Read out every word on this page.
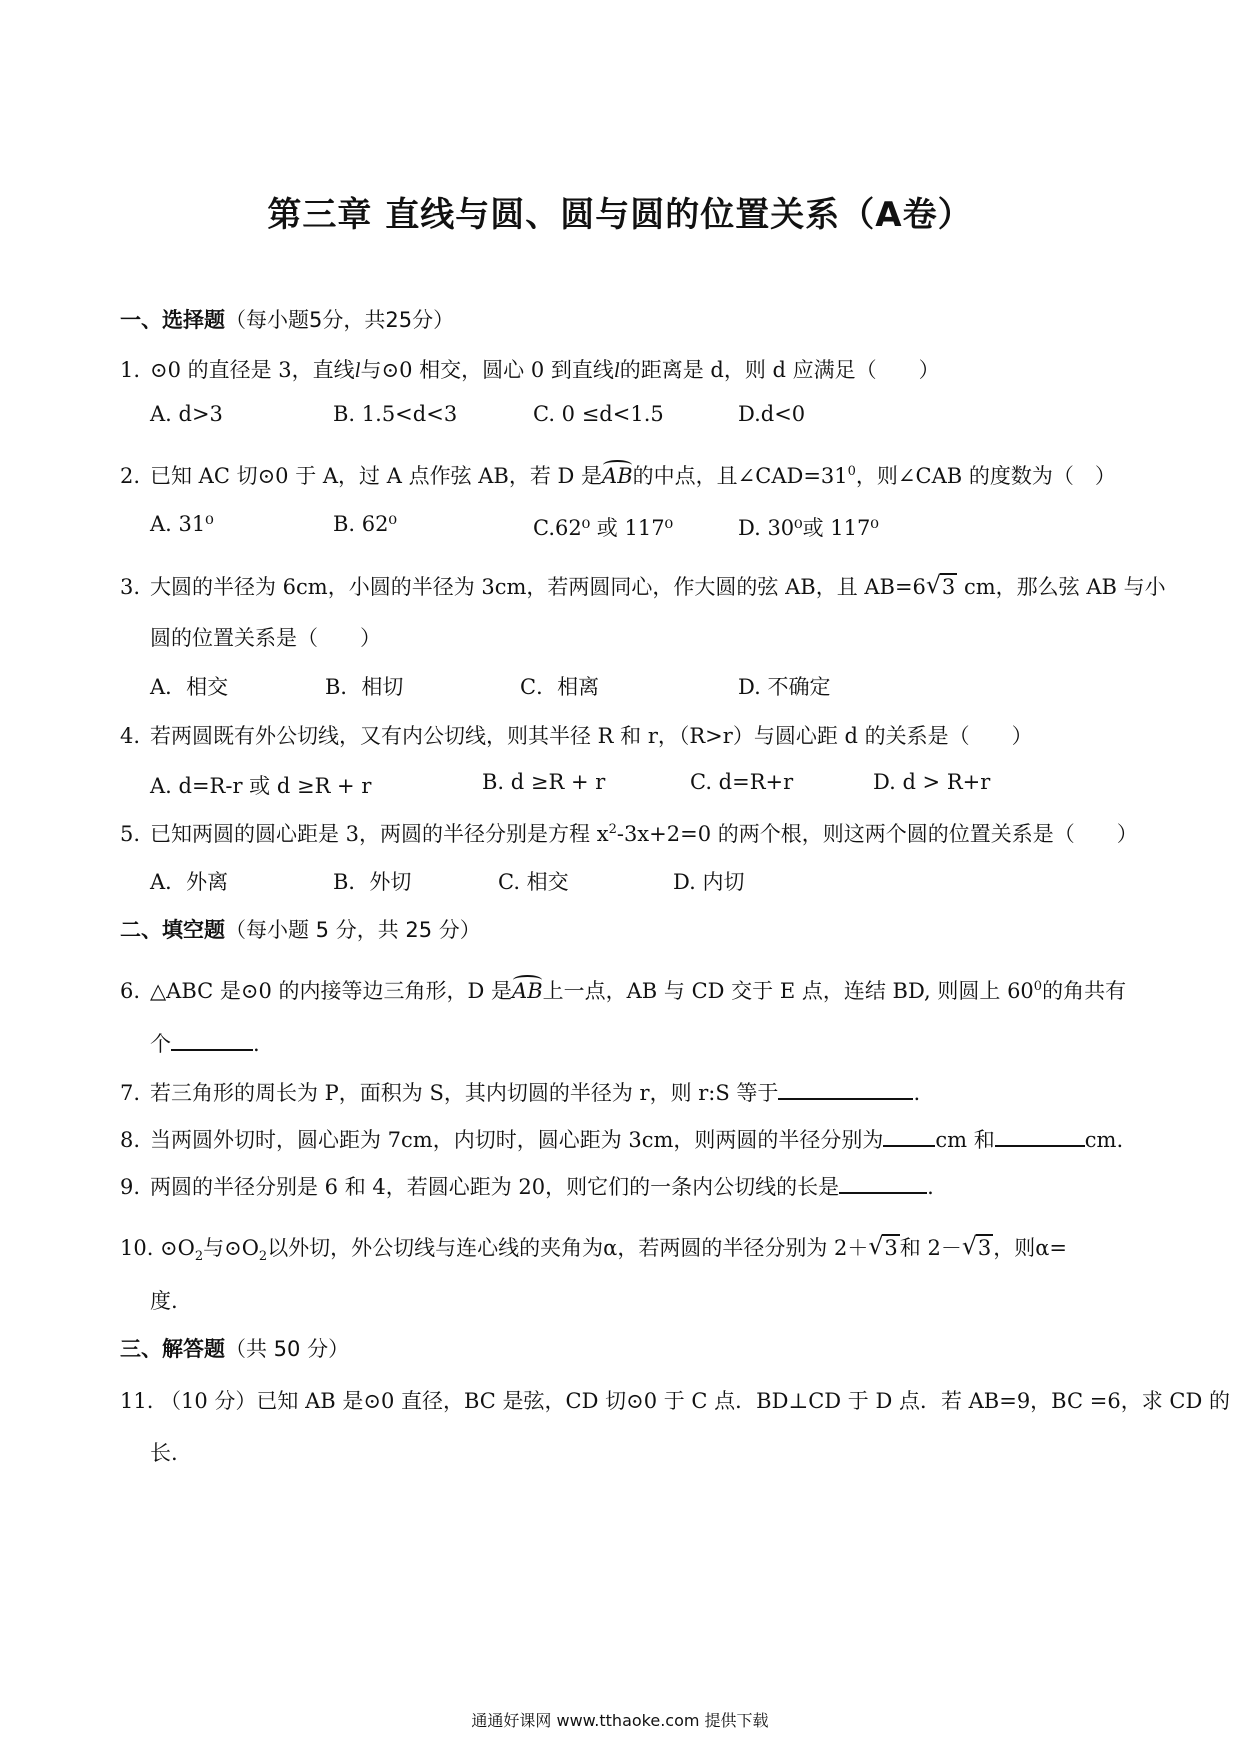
第三章 直线与圆、圆与圆的位置关系（A卷）
一、选择题（每小题5分，共25分）
1. ⊙0 的直径是 3，直线l与⊙0 相交，圆心 0 到直线l的距离是 d，则 d 应满足（　　）
A. d>3	B. 1.5<d<3	C. 0 ≤d<1.5	D.d<0
2. 已知 AC 切⊙0 于 A，过 A 点作弦 AB，若 D 是AB的中点，且$\angle CAD=31^0$，则∠CAB 的度数为（　）
A. 31⁰	B. 62⁰	C.62⁰ 或 117⁰	D. 30⁰或 117⁰
3. 大圆的半径为 6cm，小圆的半径为 3cm，若两圆同心，作大圆的弦 AB，且 AB=6 √ 3 cm，那么弦 AB 与小
圆的位置关系是（　　）
A．相交	B．相切	C．相离	D. 不确定
4. 若两圆既有外公切线，又有内公切线，则其半径 R 和 r，（R>r）与圆心距 d 的关系是（　　）
A. d=R-r 或 d ≥R + r	B. d ≥R + r	C. d=R+r	D. d > R+r
5. 已知两圆的圆心距是 3，两圆的半径分别是方程 $x^2-3x+2=0$ 的两个根，则这两个圆的位置关系是（　　）
A．外离	B．外切	C. 相交	D. 内切
二、填空题（每小题 5 分，共 25 分）
6. △ABC 是⊙0 的内接等边三角形，D 是AB上一点，AB 与 CD 交于 E 点，连结 BD, 则圆上 $60^0$的角共有
个	.
7. 若三角形的周长为 P，面积为 S，其内切圆的半径为 r，则 r:S 等于	.
8. 当两圆外切时，圆心距为 7cm，内切时，圆心距为 3cm，则两圆的半径分别为 cm 和	cm.
9. 两圆的半径分别是 6 和 4，若圆心距为 20，则它们的一条内公切线的长是	.
10. $⊙O_2$与$⊙O_2$以外切，外公切线与连心线的夹角为α，若两圆的半径分别为 2＋ √ 3和 2－ √ 3，则α=
度.
三、解答题（共 50 分）
11. （10 分）已知 AB 是⊙0 直径，BC 是弦，CD 切⊙0 于 C 点．BD⊥CD 于 D 点．若 AB=9，BC =6，求 CD 的
长.
通通好课网 www.tthaoke.com 提供下载
